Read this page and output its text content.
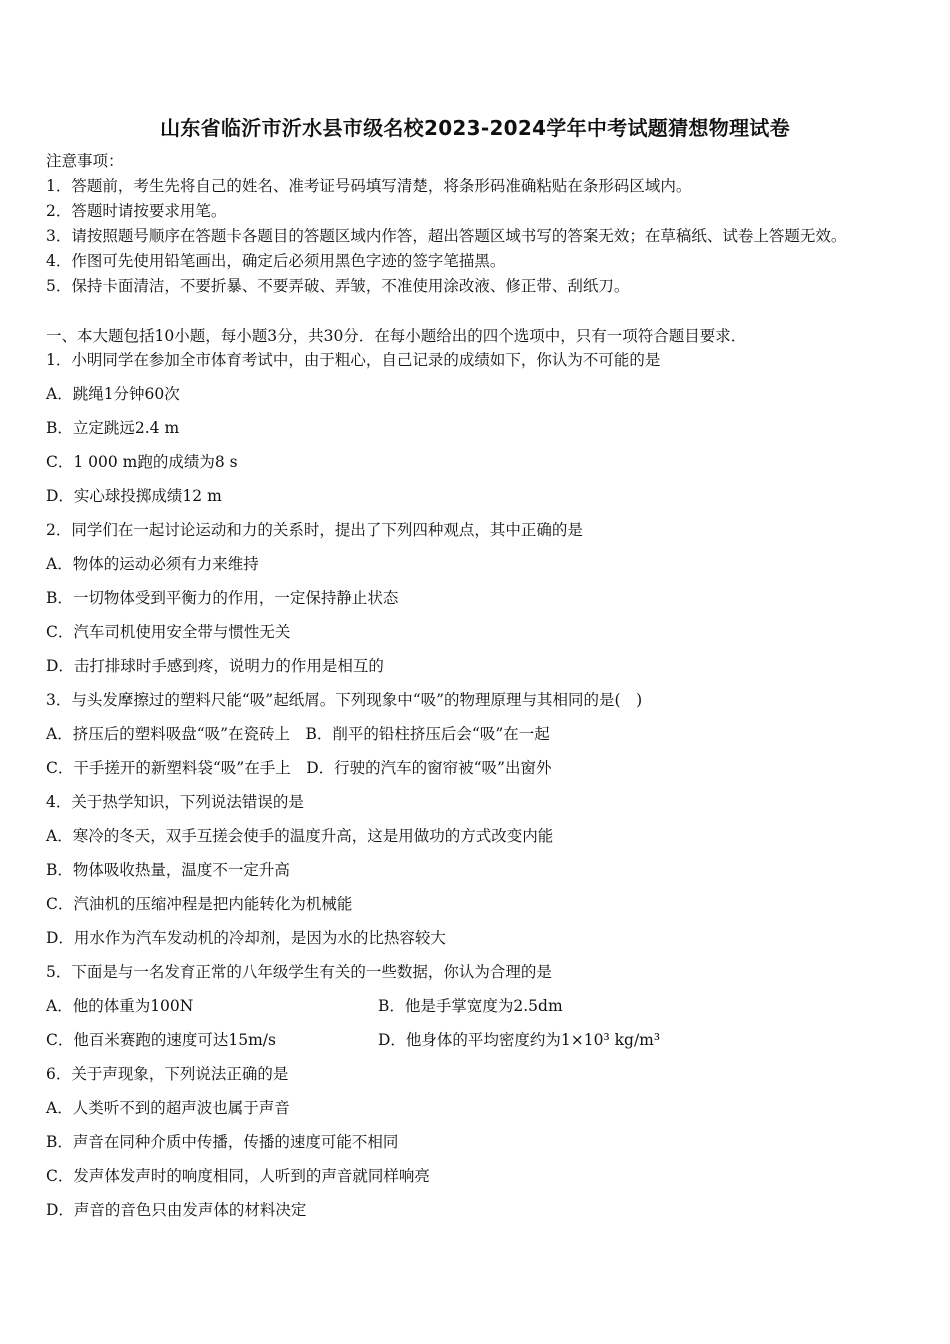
山东省临沂市沂水县市级名校2023-2024学年中考试题猜想物理试卷
注意事项：
1．答题前，考生先将自己的姓名、准考证号码填写清楚，将条形码准确粘贴在条形码区域内。
2．答题时请按要求用笔。
3．请按照题号顺序在答题卡各题目的答题区域内作答，超出答题区域书写的答案无效；在草稿纸、试卷上答题无效。
4．作图可先使用铅笔画出，确定后必须用黑色字迹的签字笔描黑。
5．保持卡面清洁，不要折暴、不要弄破、弄皱，不准使用涂改液、修正带、刮纸刀。
一、本大题包括10小题，每小题3分，共30分．在每小题给出的四个选项中，只有一项符合题目要求．
1．小明同学在参加全市体育考试中，由于粗心，自己记录的成绩如下，你认为不可能的是
A．跳绳1分钟60次
B．立定跳远2.4 m
C．1 000 m跑的成绩为8 s
D．实心球投掷成绩12 m
2．同学们在一起讨论运动和力的关系时，提出了下列四种观点，其中正确的是
A．物体的运动必须有力来维持
B．一切物体受到平衡力的作用，一定保持静止状态
C．汽车司机使用安全带与惯性无关
D．击打排球时手感到疼，说明力的作用是相互的
3．与头发摩擦过的塑料尺能“吸”起纸屑。下列现象中“吸”的物理原理与其相同的是(　)
A．挤压后的塑料吸盘“吸”在瓷砖上　B．削平的铅柱挤压后会“吸”在一起
C．干手搓开的新塑料袋“吸”在手上　D．行驶的汽车的窗帘被“吸”出窗外
4．关于热学知识，下列说法错误的是
A．寒冷的冬天，双手互搓会使手的温度升高，这是用做功的方式改变内能
B．物体吸收热量，温度不一定升高
C．汽油机的压缩冲程是把内能转化为机械能
D．用水作为汽车发动机的冷却剂，是因为水的比热容较大
5．下面是与一名发育正常的八年级学生有关的一些数据，你认为合理的是
A．他的体重为100N	B．他是手掌宽度为2.5dm
C．他百米赛跑的速度可达15m/s	D．他身体的平均密度约为1×10³ kg/m³
6．关于声现象，下列说法正确的是
A．人类听不到的超声波也属于声音
B．声音在同种介质中传播，传播的速度可能不相同
C．发声体发声时的响度相同，人听到的声音就同样响亮
D．声音的音色只由发声体的材料决定
